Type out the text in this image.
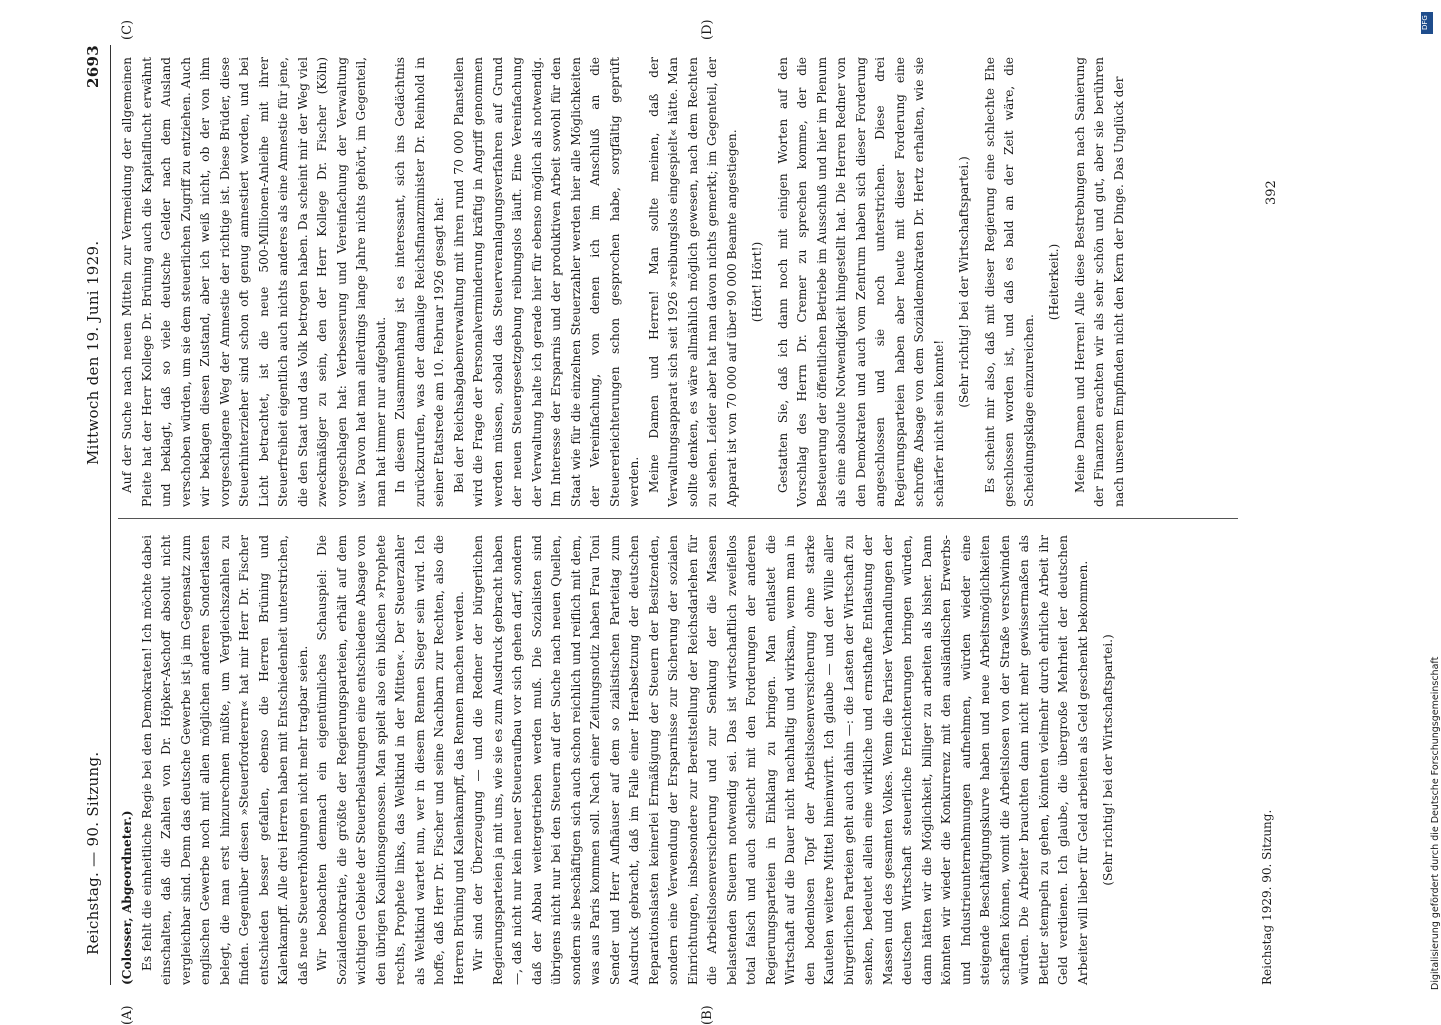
Reichstag. — 90. Sitzung.
Mittwoch den 19. Juni 1929.
2693

(Colosser, Abgeordneter.) Es fehlt die einheitliche Regie bei den Demokraten! Ich möchte dabei einschalten, daß die Zahlen von Dr. Höpker-Aschoff absolut nicht vergleichbar sind. Denn das deutsche Gewerbe ist ja im Gegensatz zum englischen Gewerbe noch mit allen möglichen anderen Sonderlasten belegt, die man erst hinzurechnen müßte, um Vergleichszahlen zu finden. Gegenüber diesen »Steuerforderern« hat mir Herr Dr. Fischer entschieden besser gefallen, ebenso die Herren Brüning und Kalenkampff. Alle drei Herren haben mit Entschiedenheit unterstrichen, daß neue Steuererhöhungen nicht mehr tragbar seien. Wir beobachten demnach ein eigentümliches Schauspiel: Die Sozialdemokratie, die größte der Regierungsparteien, erhält auf dem wichtigen Gebiete der Steuerbelastungen eine entschiedene Absage von den übrigen Koalitionsgenossen. Man spielt also ein bißchen »Prophete rechts, Prophete links, das Weltkind in der Mitten«. Der Steuerzahler als Weltkind wartet nun, wer in diesem Rennen Sieger sein wird. Ich hoffe, daß Herr Dr. Fischer und seine Nachbarn zur Rechten, also die Herren Brüning und Kalenkampff, das Rennen machen werden. Wir sind der Überzeugung — und die Redner der bürgerlichen Regierungsparteien ja mit uns, wie sie es zum Ausdruck gebracht haben —, daß nicht nur kein neuer Steueraufbau vor sich gehen darf, sondern daß der Abbau weitergetrieben werden muß. Die Sozialisten sind übrigens nicht nur bei den Steuern auf der Suche nach neuen Quellen, sondern sie beschäftigen sich auch schon reichlich und reiflich mit dem, was aus Paris kommen soll. Nach einer Zeitungsnotiz haben Frau Toni Sender und Herr Aufhäuser auf dem so zialistischen Parteitag zum Ausdruck gebracht, daß im Falle einer Herabsetzung der deutschen Reparationslasten keinerlei Ermäßigung der Steuern der Besitzenden, sondern eine Verwendung der Ersparnisse zur Sicherung der sozialen Einrichtungen, insbesondere zur Bereitstellung der Reichsdarlehen für die Arbeitslosenversicherung und zur Senkung der die Massen belastenden Steuern notwendig sei. Das ist wirtschaftlich zweifellos total falsch und auch schlecht mit den Forderungen der anderen Regierungsparteien in Einklang zu bringen. Man entlastet die Wirtschaft auf die Dauer nicht nachhaltig und wirksam, wenn man in den bodenlosen Topf der Arbeitslosenversicherung ohne starke Kautelen weitere Mittel hineinwirft. Ich glaube — und der Wille aller bürgerlichen Parteien geht auch dahin —: die Lasten der Wirtschaft zu senken, bedeutet allein eine wirkliche und ernsthafte Entlastung der Massen und des gesamten Volkes. Wenn die Pariser Verhandlungen der deutschen Wirtschaft steuerliche Erleichterungen bringen würden, dann hätten wir die Möglichkeit, billiger zu arbeiten als bisher. Dann könnten wir wieder die Konkurrenz mit den ausländischen Erwerbs- und Industrieunternehmungen aufnehmen, würden wieder eine steigende Beschäftigungskurve haben und neue Arbeitsmöglichkeiten schaffen können, womit die Arbeitslosen von der Straße verschwinden würden. Die Arbeiter brauchten dann nicht mehr gewissermaßen als Bettler stempeln zu gehen, könnten vielmehr durch ehrliche Arbeit ihr Geld verdienen. Ich glaube, die übergroße Mehrheit der deutschen Arbeiter will lieber für Geld arbeiten als Geld geschenkt bekommen. (Sehr richtig! bei der Wirtschaftspartei.)

Auf der Suche nach neuen Mitteln zur Vermeidung der allgemeinen Pleite hat der Herr Kollege Dr. Brüning auch die Kapitalflucht erwähnt und beklagt, daß so viele deutsche Gelder nach dem Ausland verschoben würden, um sie dem steuerlichen Zugriff zu entziehen. Auch wir beklagen diesen Zustand, aber ich weiß nicht, ob der von ihm vorgeschlagene Weg der Amnestie der richtige ist. Diese Brüder, diese Steuerhinterzieher sind schon oft genug amnestiert worden, und bei Licht betrachtet, ist die neue 500-Millionen-Anleihe mit ihrer Steuerfreiheit eigentlich auch nichts anderes als eine Amnestie für jene, die den Staat und das Volk betrogen haben. Da scheint mir der Weg viel zweckmäßiger zu sein, den der Herr Kollege Dr. Fischer (Köln) vorgeschlagen hat: Verbesserung und Vereinfachung der Verwaltung usw. Davon hat man allerdings lange Jahre nichts gehört, im Gegenteil, man hat immer nur aufgebaut. In diesem Zusammenhang ist es interessant, sich ins Gedächtnis zurückzurufen, was der damalige Reichsfinanzminister Dr. Reinhold in seiner Etatsrede am 10. Februar 1926 gesagt hat: Bei der Reichsabgabenverwaltung mit ihren rund 70 000 Planstellen wird die Frage der Personalverminderung kräftig in Angriff genommen werden müssen, sobald das Steuerveranlagungsverfahren auf Grund der neuen Steuergesetzgebung reibungslos läuft. Eine Vereinfachung der Verwaltung halte ich gerade hier für ebenso möglich als notwendig. Im Interesse der Ersparnis und der produktiven Arbeit sowohl für den Staat wie für die einzelnen Steuerzahler werden hier alle Möglichkeiten der Vereinfachung, von denen ich im Anschluß an die Steuererleichterungen schon gesprochen habe, sorgfältig geprüft werden. Meine Damen und Herren! Man sollte meinen, daß der Verwaltungsapparat sich seit 1926 »reibungslos eingespielt« hätte. Man sollte denken, es wäre allmählich möglich gewesen, nach dem Rechten zu sehen. Leider aber hat man davon nichts gemerkt; im Gegenteil, der Apparat ist von 70 000 auf über 90 000 Beamte angestiegen. (Hört! Hört!) Gestatten Sie, daß ich dann noch mit einigen Worten auf den Vorschlag des Herrn Dr. Cremer zu sprechen komme, der die Besteuerung der öffentlichen Betriebe im Ausschuß und hier im Plenum als eine absolute Notwendigkeit hingestellt hat. Die Herren Redner von den Demokraten und auch vom Zentrum haben sich dieser Forderung angeschlossen und sie noch unterstrichen. Diese drei Regierungsparteien haben aber heute mit dieser Forderung eine schroffe Absage von dem Sozialdemokraten Dr. Hertz erhalten, wie sie schärfer nicht sein konnte!

(Sehr richtig! bei der Wirtschaftspartei.) Es scheint mir also, daß mit dieser Regierung eine schlechte Ehe geschlossen worden ist, und daß es bald an der Zeit wäre, die Scheidungsklage einzureichen.

(Heiterkeit.) Meine Damen und Herren! Alle diese Bestrebungen nach Sanierung der Finanzen erachten wir als sehr schön und gut, aber sie berühren nach unserem Empfinden nicht den Kern der Dinge. Das Unglück der

(A)	(B)
(C)	(D)
Reichstag 1929. 90. Sitzung.
392
Digitalisierung gefördert durch die Deutsche Forschungsgemeinschaft
DFG
